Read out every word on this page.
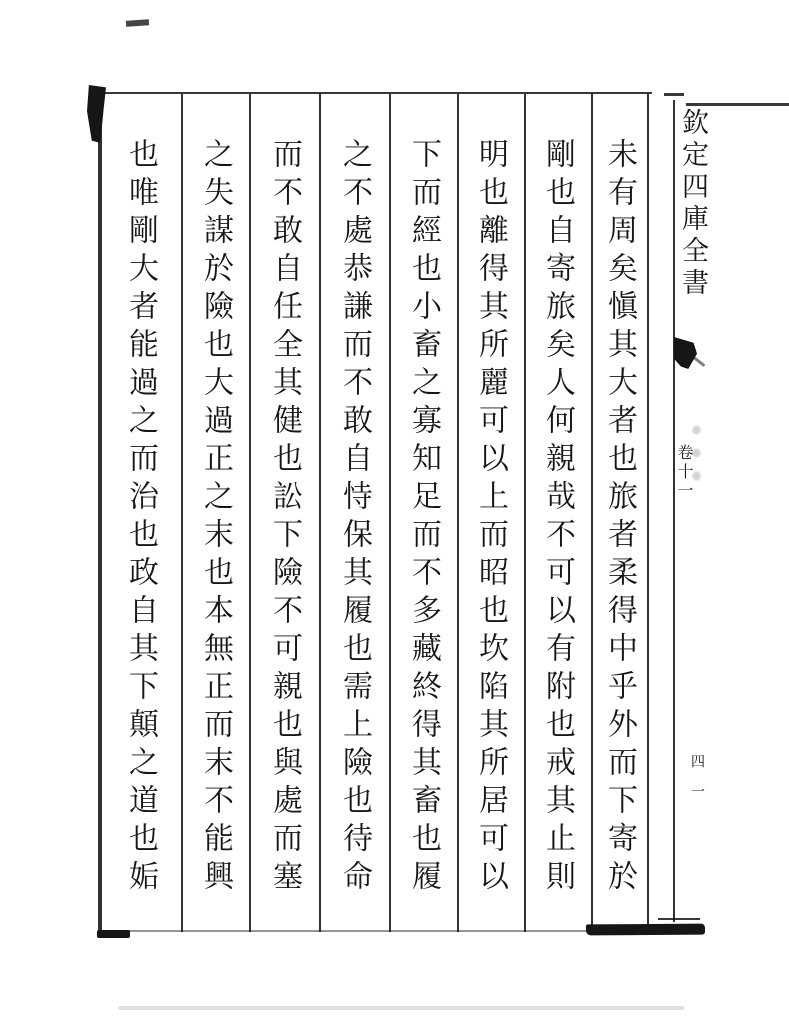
未有周矣愼其大者也旅者柔得中乎外而下寄於
剛也自寄旅矣人何親哉不可以有附也戒其止則
明也離得其所麗可以上而昭也坎陷其所居可以
下而經也小畜之寡知足而不多藏終得其畜也履
之不處恭謙而不敢自恃保其履也需上險也待命
而不敢自任全其健也訟下險不可親也與處而塞
之失謀於險也大過正之末也本無正而末不能興
也唯剛大者能過之而治也政自其下顛之道也姤	欽定四庫全書
卷十一
四一
